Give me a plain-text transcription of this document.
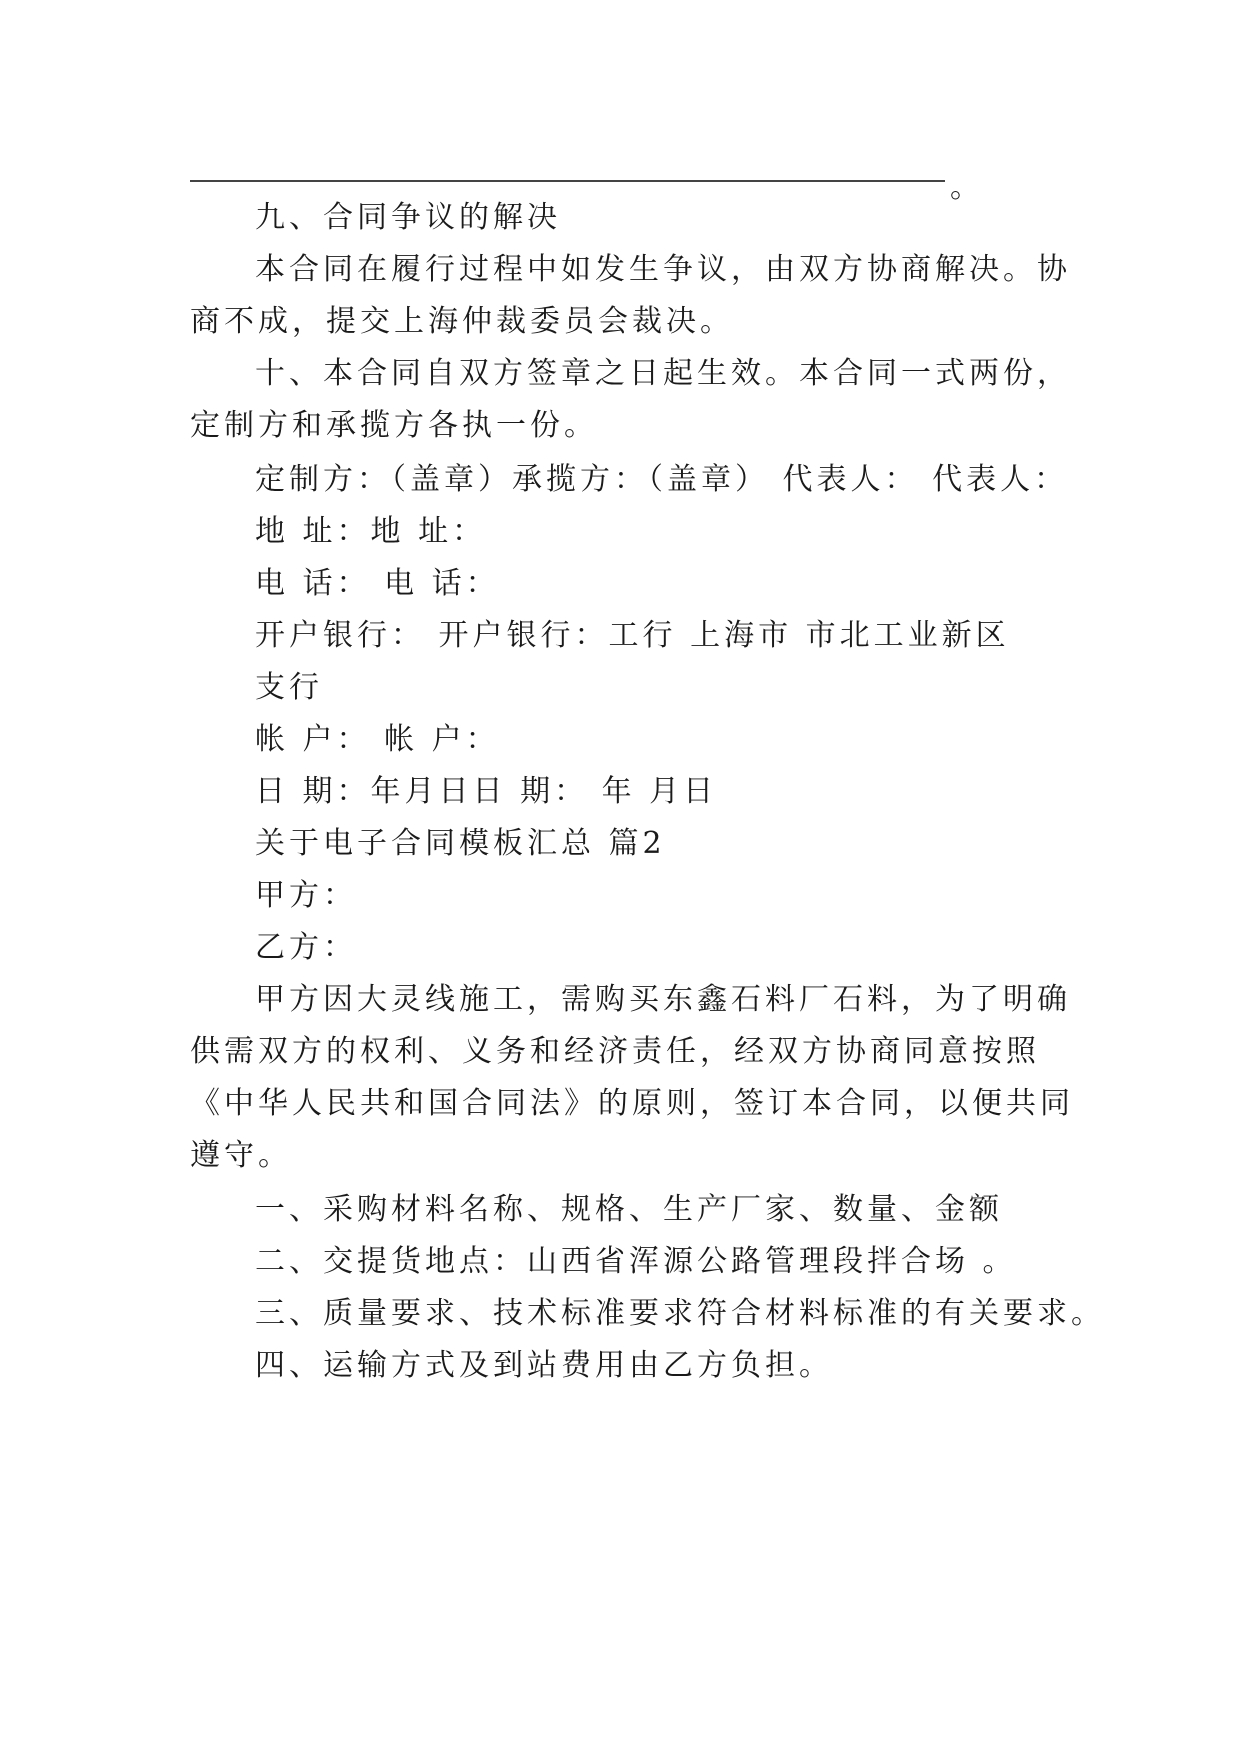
。
九、合同争议的解决
本合同在履行过程中如发生争议，由双方协商解决。协
商不成，提交上海仲裁委员会裁决。
十、本合同自双方签章之日起生效。本合同一式两份，
定制方和承揽方各执一份。
定制方：（盖章）承揽方：（盖章） 代表人： 代表人：
地 址：地 址：
电 话： 电 话：
开户银行： 开户银行：工行 上海市 市北工业新区
支行
帐 户： 帐 户：
日 期：年月日日 期： 年 月日
关于电子合同模板汇总 篇2
甲方：
乙方：
甲方因大灵线施工，需购买东鑫石料厂石料，为了明确
供需双方的权利、义务和经济责任，经双方协商同意按照
《中华人民共和国合同法》的原则，签订本合同，以便共同
遵守。
一、采购材料名称、规格、生产厂家、数量、金额
二、交提货地点：山西省浑源公路管理段拌合场 。
三、质量要求、技术标准要求符合材料标准的有关要求。
四、运输方式及到站费用由乙方负担。
